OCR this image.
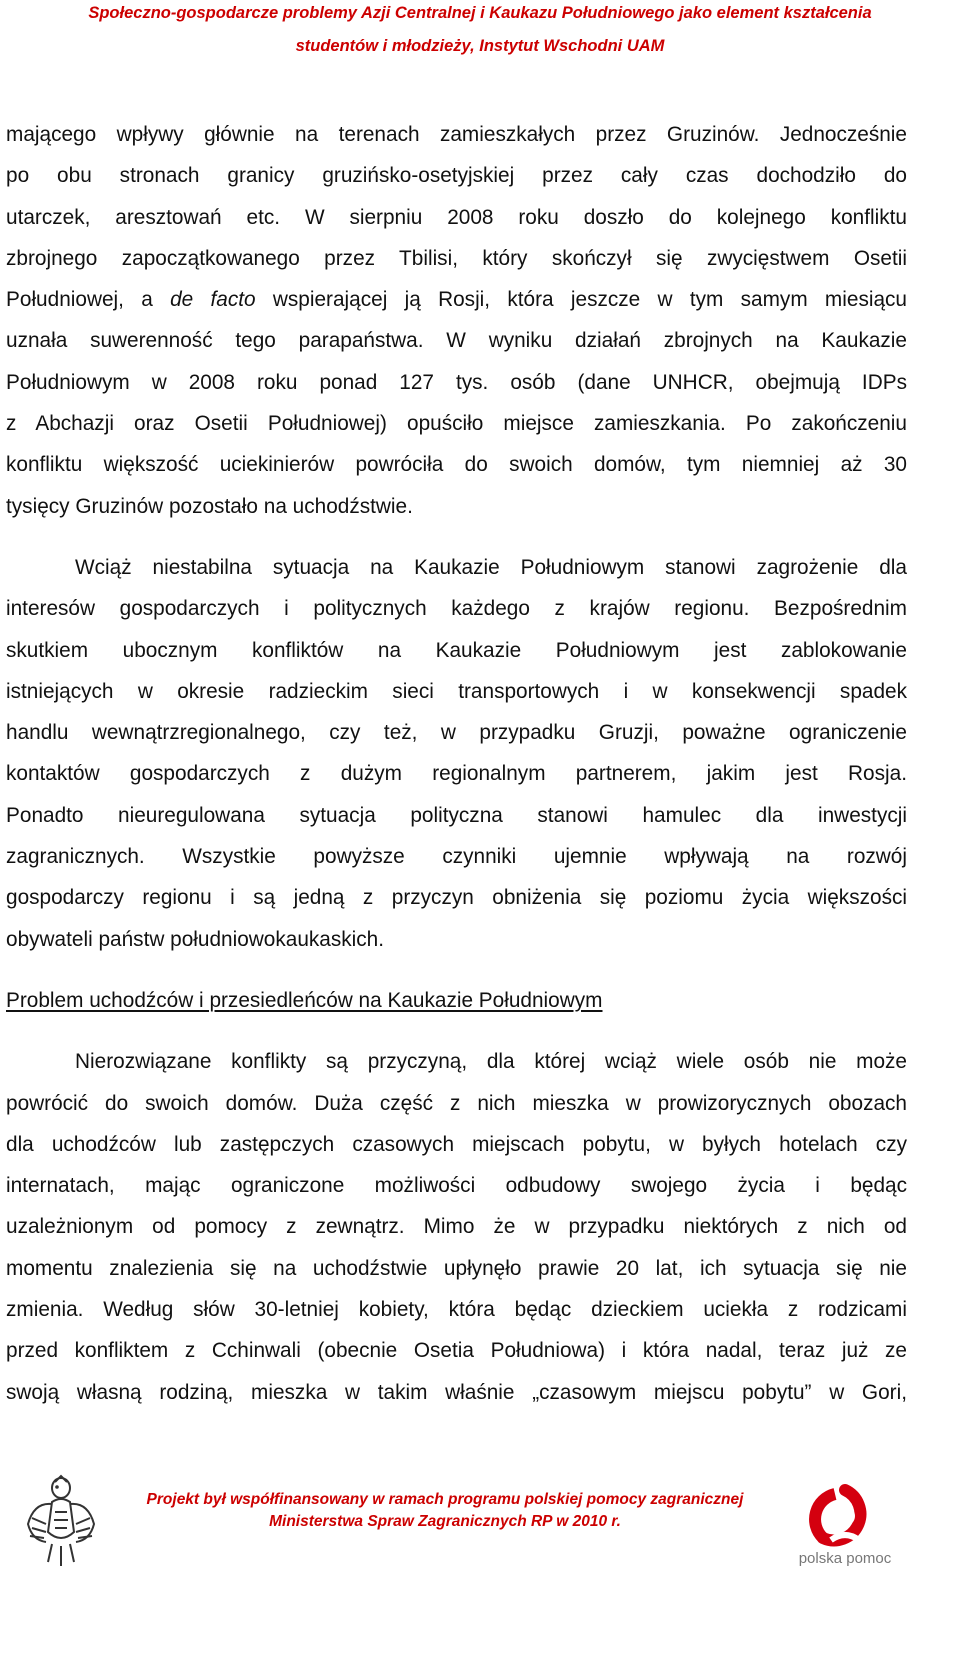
Społeczno-gospodarcze problemy Azji Centralnej i Kaukazu Południowego jako element kształcenia
studentów i młodzieży, Instytut Wschodni UAM
mającego wpływy głównie na terenach zamieszkałych przez Gruzinów. Jednocześnie
po obu stronach granicy gruzińsko-osetyjskiej przez cały czas dochodziło do
utarczek, aresztowań etc. W sierpniu 2008 roku doszło do kolejnego konfliktu
zbrojnego zapoczątkowanego przez Tbilisi, który skończył się zwycięstwem Osetii
Południowej, a de facto wspierającej ją Rosji, która jeszcze w tym samym miesiącu
uznała suwerenność tego parapaństwa. W wyniku działań zbrojnych na Kaukazie
Południowym w 2008 roku ponad 127 tys. osób (dane UNHCR, obejmują IDPs
z Abchazji oraz Osetii Południowej) opuściło miejsce zamieszkania. Po zakończeniu
konfliktu większość uciekinierów powróciła do swoich domów, tym niemniej aż 30
tysięcy Gruzinów pozostało na uchodźstwie.
Wciąż niestabilna sytuacja na Kaukazie Południowym stanowi zagrożenie dla
interesów gospodarczych i politycznych każdego z krajów regionu. Bezpośrednim
skutkiem ubocznym konfliktów na Kaukazie Południowym jest zablokowanie
istniejących w okresie radzieckim sieci transportowych i w konsekwencji spadek
handlu wewnątrzregionalnego, czy też, w przypadku Gruzji, poważne ograniczenie
kontaktów gospodarczych z dużym regionalnym partnerem, jakim jest Rosja.
Ponadto nieuregulowana sytuacja polityczna stanowi hamulec dla inwestycji
zagranicznych. Wszystkie powyższe czynniki ujemnie wpływają na rozwój
gospodarczy regionu i są jedną z przyczyn obniżenia się poziomu życia większości
obywateli państw południowokaukaskich.
Problem uchodźców i przesiedleńców na Kaukazie Południowym
Nierozwiązane konflikty są przyczyną, dla której wciąż wiele osób nie może
powrócić do swoich domów. Duża część z nich mieszka w prowizorycznych obozach
dla uchodźców lub zastępczych czasowych miejscach pobytu, w byłych hotelach czy
internatach, mając ograniczone możliwości odbudowy swojego życia i będąc
uzależnionym od pomocy z zewnątrz. Mimo że w przypadku niektórych z nich od
momentu znalezienia się na uchodźstwie upłynęło prawie 20 lat, ich sytuacja się nie
zmienia. Według słów 30-letniej kobiety, która będąc dzieckiem uciekła z rodzicami
przed konfliktem z Cchinwali (obecnie Osetia Południowa) i która nadal, teraz już ze
swoją własną rodziną, mieszka w takim właśnie „czasowym miejscu pobytu” w Gori,
Projekt był współfinansowany w ramach programu polskiej pomocy zagranicznej
Ministerstwa Spraw Zagranicznych RP w 2010 r.
polska pomoc
